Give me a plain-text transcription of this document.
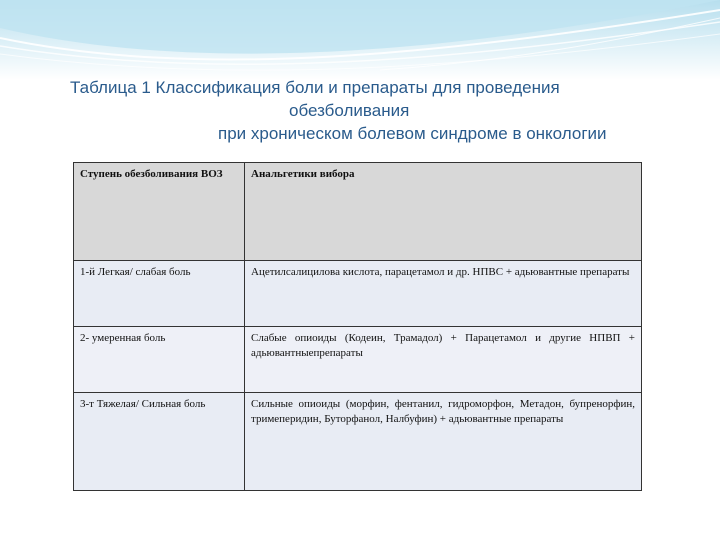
Таблица 1 Классификация боли и препараты для проведения
обезболивания
при хроническом болевом синдроме в онкологии
Ступень обезболивания ВОЗ	Анальгетики вибора
1-й Легкая/ слабая боль	Ацетилсалицилова кислота, парацетамол и др. НПВС + адьювантные препараты
2- умеренная боль	Слабые опиоиды (Кодеин, Трамадол) + Парацетамол и другие НПВП + адьювантныепрепараты
3-т Тяжелая/ Сильная боль	Сильные опиоиды (морфин, фентанил, гидроморфон, Метадон, бупренорфин, тримеперидин, Буторфанол, Налбуфин) + адьювантные препараты
